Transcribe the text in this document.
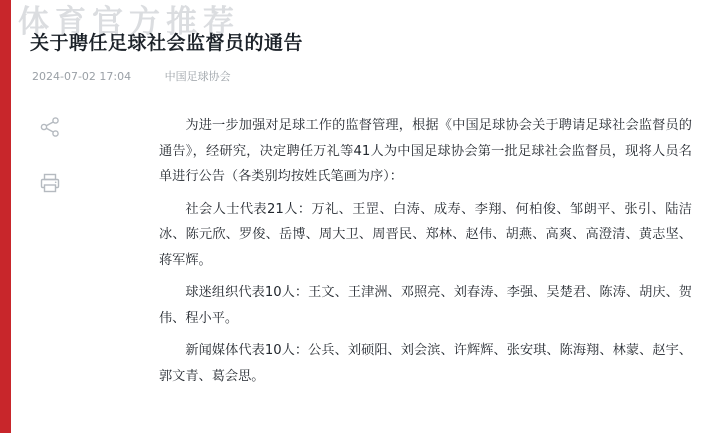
体育官方推荐
关于聘任足球社会监督员的通告
2024-07-02 17:04	中国足球协会

为进一步加强对足球工作的监督管理，根据《中国足球协会关于聘请足球社会监督员的通告》，经研究，决定聘任万礼等41人为中国足球协会第一批足球社会监督员，现将人员名单进行公告（各类别均按姓氏笔画为序）：

社会人士代表21人：万礼、王罡、白涛、成寿、李翔、何柏俊、邹朗平、张引、陆洁冰、陈元欣、罗俊、岳博、周大卫、周晋民、郑林、赵伟、胡燕、高爽、高澄清、黄志坚、蒋军辉。

球迷组织代表10人：王文、王津洲、邓照亮、刘春涛、李强、吴楚君、陈涛、胡庆、贺伟、程小平。

新闻媒体代表10人：公兵、刘硕阳、刘会滨、许辉辉、张安琪、陈海翔、林蒙、赵宇、郭文青、葛会思。
